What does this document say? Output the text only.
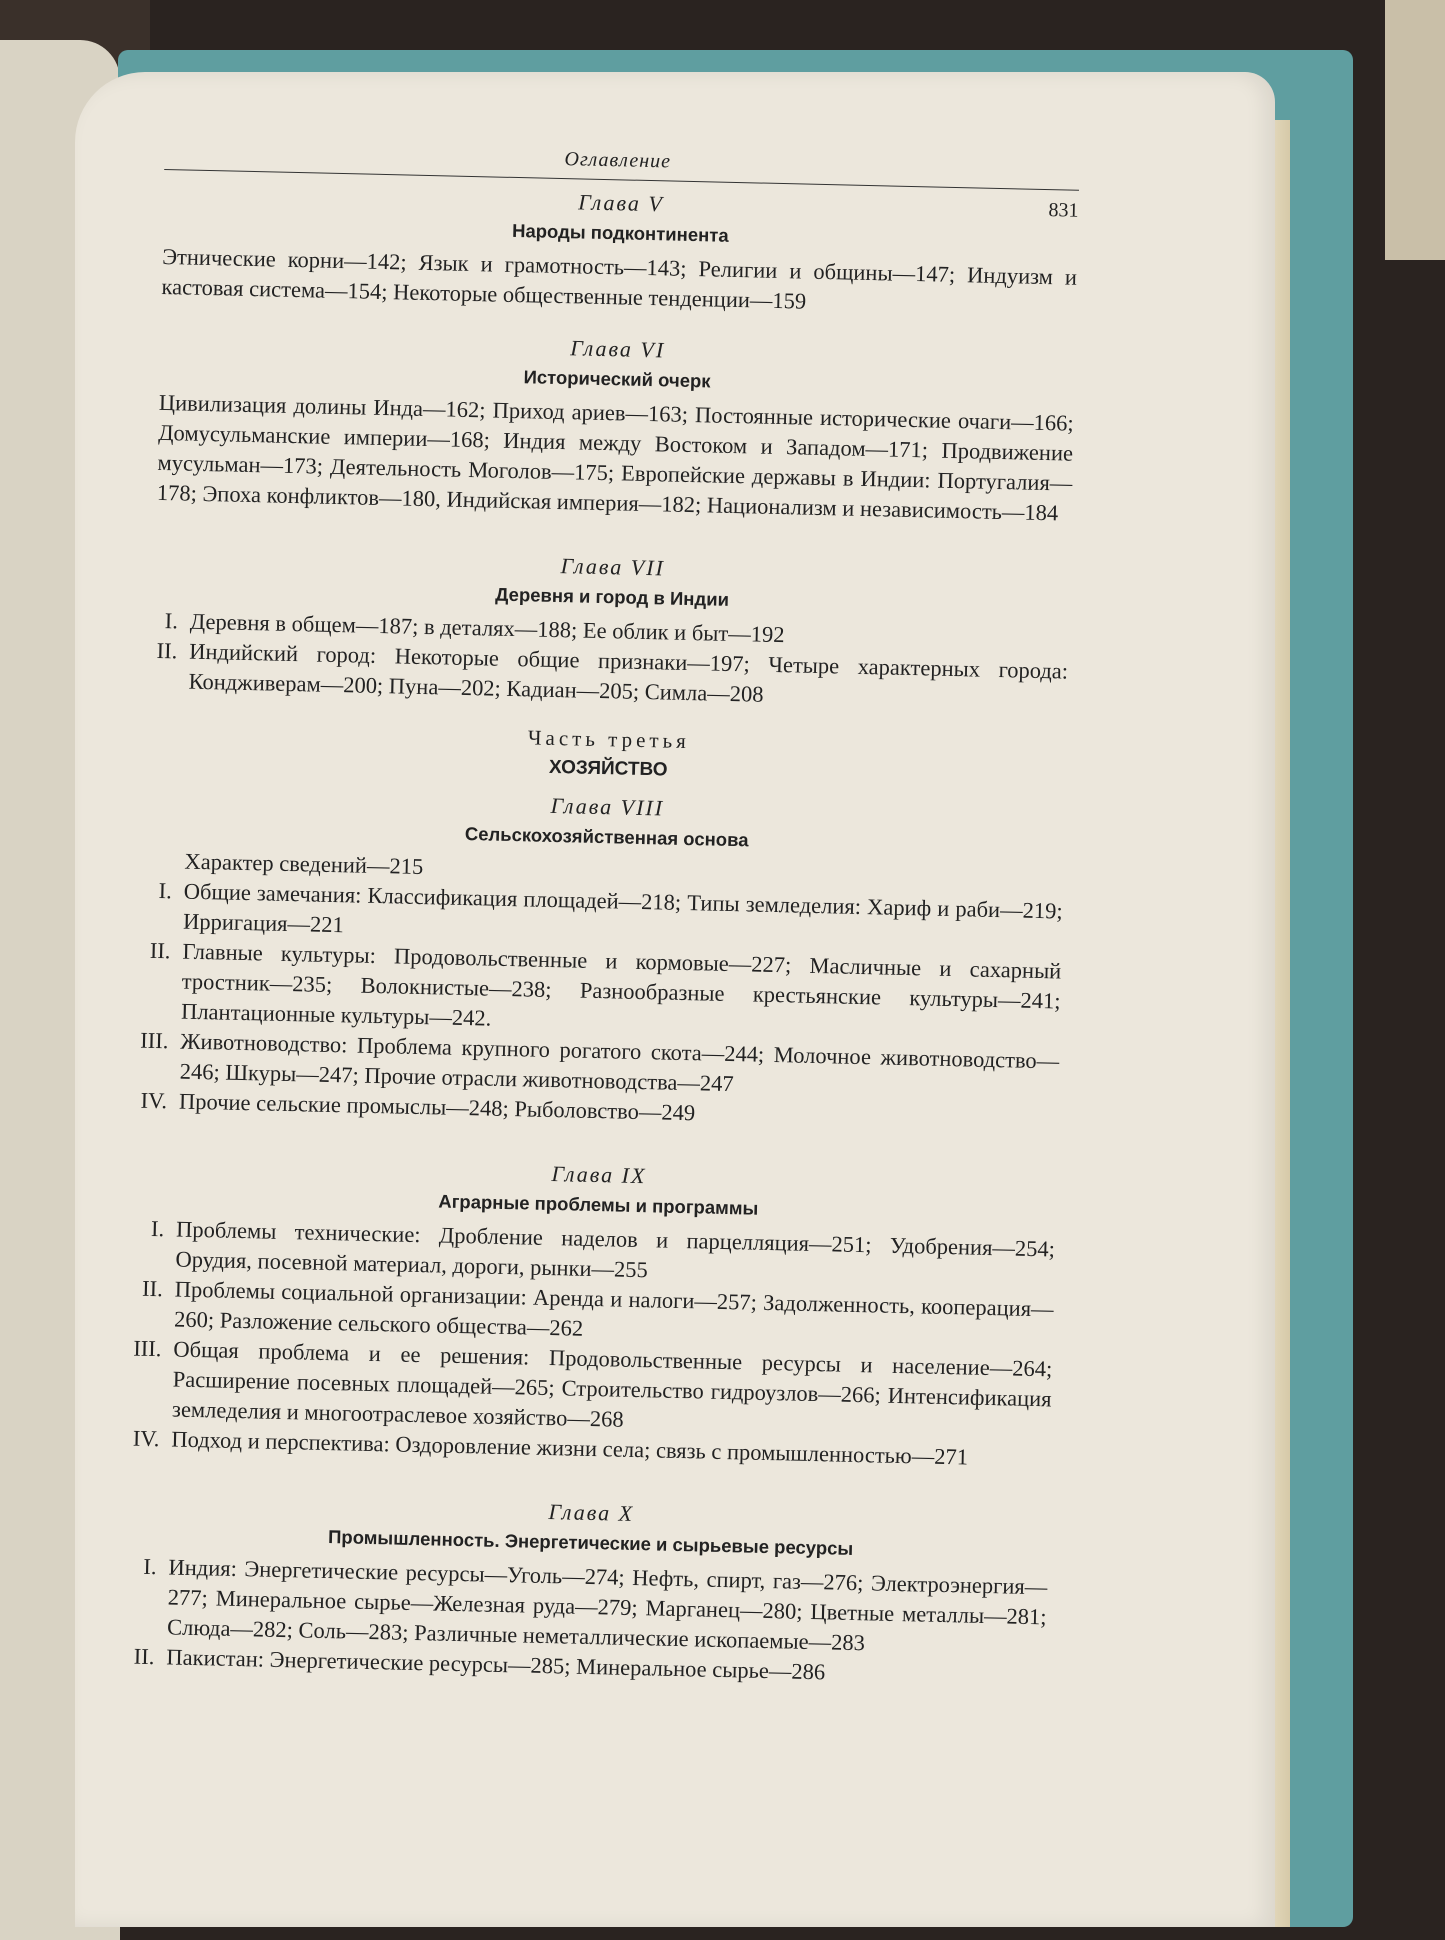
Оглавление
831
Глава V
Народы подконтинента
Этнические корни—142; Язык и грамотность—143; Религии и общины—147; Индуизм и кастовая система—154; Некоторые общественные тенденции—159
Глава VI
Исторический очерк
Цивилизация долины Инда—162; Приход ариев—163; Постоянные исторические очаги—166; Домусульманские империи—168; Индия между Востоком и Западом—171; Продвижение мусульман—173; Деятельность Моголов—175; Европейские державы в Индии: Португалия—178; Эпоха конфликтов—180, Индийская империя—182; Национализм и независимость—184
Глава VII
Деревня и город в Индии
I. Деревня в общем—187; в деталях—188; Ее облик и быт—192
II. Индийский город: Некоторые общие признаки—197; Четыре характерных города: Кондживерам—200; Пуна—202; Кадиан—205; Симла—208
Часть третья
ХОЗЯЙСТВО
Глава VIII
Сельскохозяйственная основа
Характер сведений—215
I. Общие замечания: Классификация площадей—218; Типы земледелия: Хариф и раби—219; Ирригация—221
II. Главные культуры: Продовольственные и кормовые—227; Масличные и сахарный тростник—235; Волокнистые—238; Разнообразные крестьянские культуры—241; Плантационные культуры—242.
III. Животноводство: Проблема крупного рогатого скота—244; Молочное животноводство—246; Шкуры—247; Прочие отрасли животноводства—247
IV. Прочие сельские промыслы—248; Рыболовство—249
Глава IX
Аграрные проблемы и программы
I. Проблемы технические: Дробление наделов и парцелляция—251; Удобрения—254; Орудия, посевной материал, дороги, рынки—255
II. Проблемы социальной организации: Аренда и налоги—257; Задолженность, кооперация—260; Разложение сельского общества—262
III. Общая проблема и ее решения: Продовольственные ресурсы и население—264; Расширение посевных площадей—265; Строительство гидроузлов—266; Интенсификация земледелия и многоотраслевое хозяйство—268
IV. Подход и перспектива: Оздоровление жизни села; связь с промышленностью—271
Глава X
Промышленность. Энергетические и сырьевые ресурсы
I. Индия: Энергетические ресурсы—Уголь—274; Нефть, спирт, газ—276; Электроэнергия—277; Минеральное сырье—Железная руда—279; Марганец—280; Цветные металлы—281; Слюда—282; Соль—283; Различные неметаллические ископаемые—283
II. Пакистан: Энергетические ресурсы—285; Минеральное сырье—286
